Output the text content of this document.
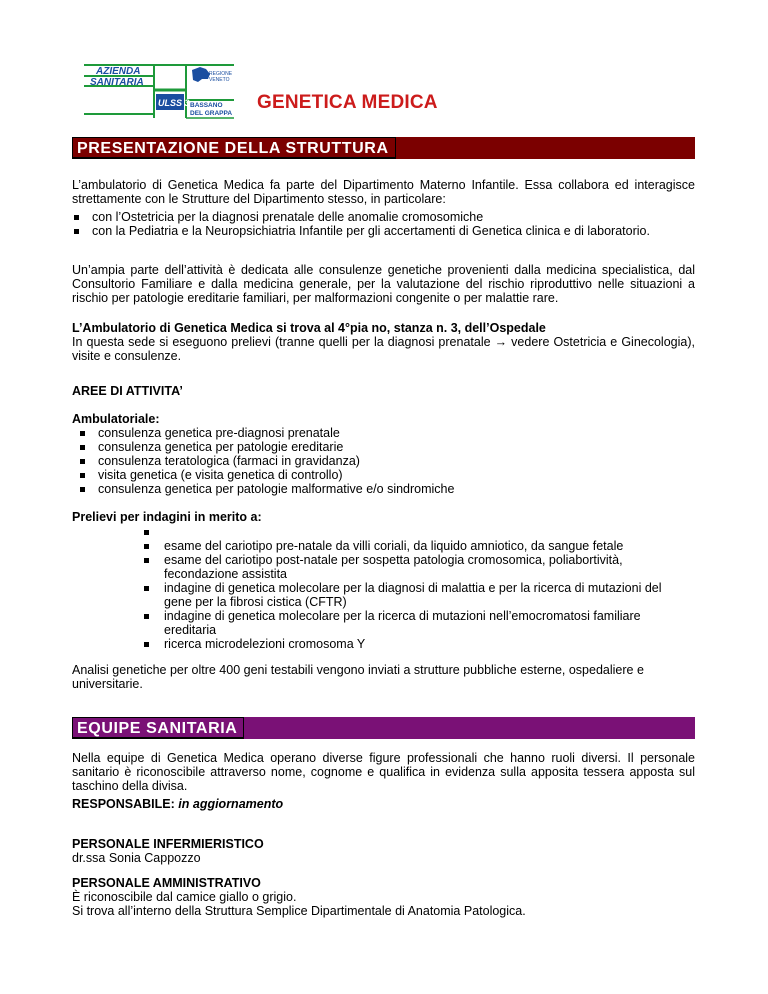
AZIENDA
SANITARIA
REGIONE
VENETO
ULSS 3 BASSANO
DEL GRAPPA
GENETICA MEDICA
PRESENTAZIONE DELLA STRUTTURA
L’ambulatorio di Genetica Medica fa parte del Dipartimento Materno Infantile. Essa collabora ed interagisce strettamente con le Strutture del Dipartimento stesso, in particolare:
con l’Ostetricia per la diagnosi prenatale delle anomalie cromosomiche
con la Pediatria e la Neuropsichiatria Infantile per gli accertamenti di Genetica clinica e di laboratorio.
Un’ampia parte dell’attività è dedicata alle consulenze genetiche provenienti dalla medicina specialistica, dal Consultorio Familiare e dalla medicina generale, per la valutazione del rischio riproduttivo nelle situazioni a rischio per patologie ereditarie familiari, per malformazioni congenite o per malattie rare.
L’Ambulatorio di Genetica Medica si trova al 4°pia no, stanza n. 3, dell’Ospedale
In questa sede si eseguono prelievi (tranne quelli per la diagnosi prenatale → vedere Ostetricia e Ginecologia), visite e consulenze.
AREE DI ATTIVITA’
Ambulatoriale:
consulenza genetica pre-diagnosi prenatale
consulenza genetica per patologie ereditarie
consulenza teratologica (farmaci in gravidanza)
visita genetica (e visita genetica di controllo)
consulenza genetica per patologie malformative e/o sindromiche
Prelievi per indagini in merito a:
esame del cariotipo pre-natale da villi coriali, da liquido amniotico, da sangue fetale
esame del cariotipo post-natale per sospetta patologia cromosomica, poliabortività, fecondazione assistita
indagine di genetica molecolare per la diagnosi di malattia e per la ricerca di mutazioni del gene per la fibrosi cistica (CFTR)
indagine di genetica molecolare per la ricerca di mutazioni nell’emocromatosi familiare ereditaria
ricerca microdelezioni cromosoma Y
Analisi genetiche per oltre 400 geni testabili vengono inviati a strutture pubbliche esterne, ospedaliere e universitarie.
EQUIPE SANITARIA
Nella equipe di Genetica Medica operano diverse figure professionali che hanno ruoli diversi. Il personale sanitario è riconoscibile attraverso nome, cognome e qualifica in evidenza sulla apposita tessera apposta sul taschino della divisa.
RESPONSABILE: in aggiornamento
PERSONALE INFERMIERISTICO
dr.ssa Sonia Cappozzo
PERSONALE AMMINISTRATIVO
È riconoscibile dal camice giallo o grigio.
Si trova all’interno della Struttura Semplice Dipartimentale di Anatomia Patologica.
